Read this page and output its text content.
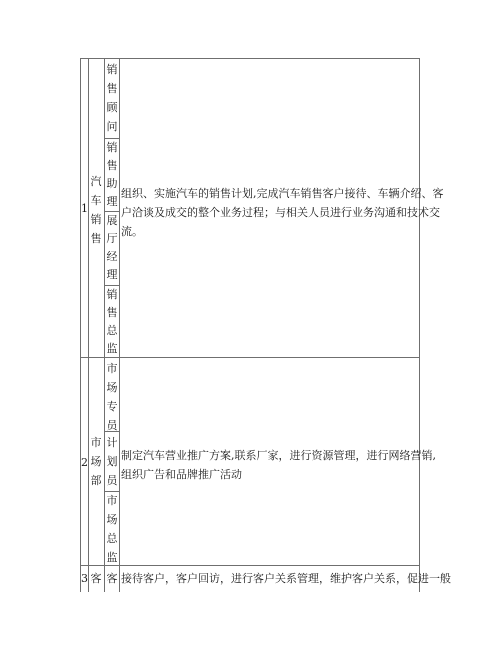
1
汽
车
销
售
销
售
顾
问
销
售
助
理
展
厅
经
理
销
售
总
监
组织、实施汽车的销售计划,完成汽车销售客户接待、车辆介绍、客
户洽谈及成交的整个业务过程；与相关人员进行业务沟通和技术交
流。
2
市
场
部
市
场
专
员
计
划
员
市
场
总
监
制定汽车营业推广方案,联系厂家，进行资源管理，进行网络营销,
组织广告和品牌推广活动
3 客 客 接待客户，客户回访，进行客户关系管理，维护客户关系，促进一般
